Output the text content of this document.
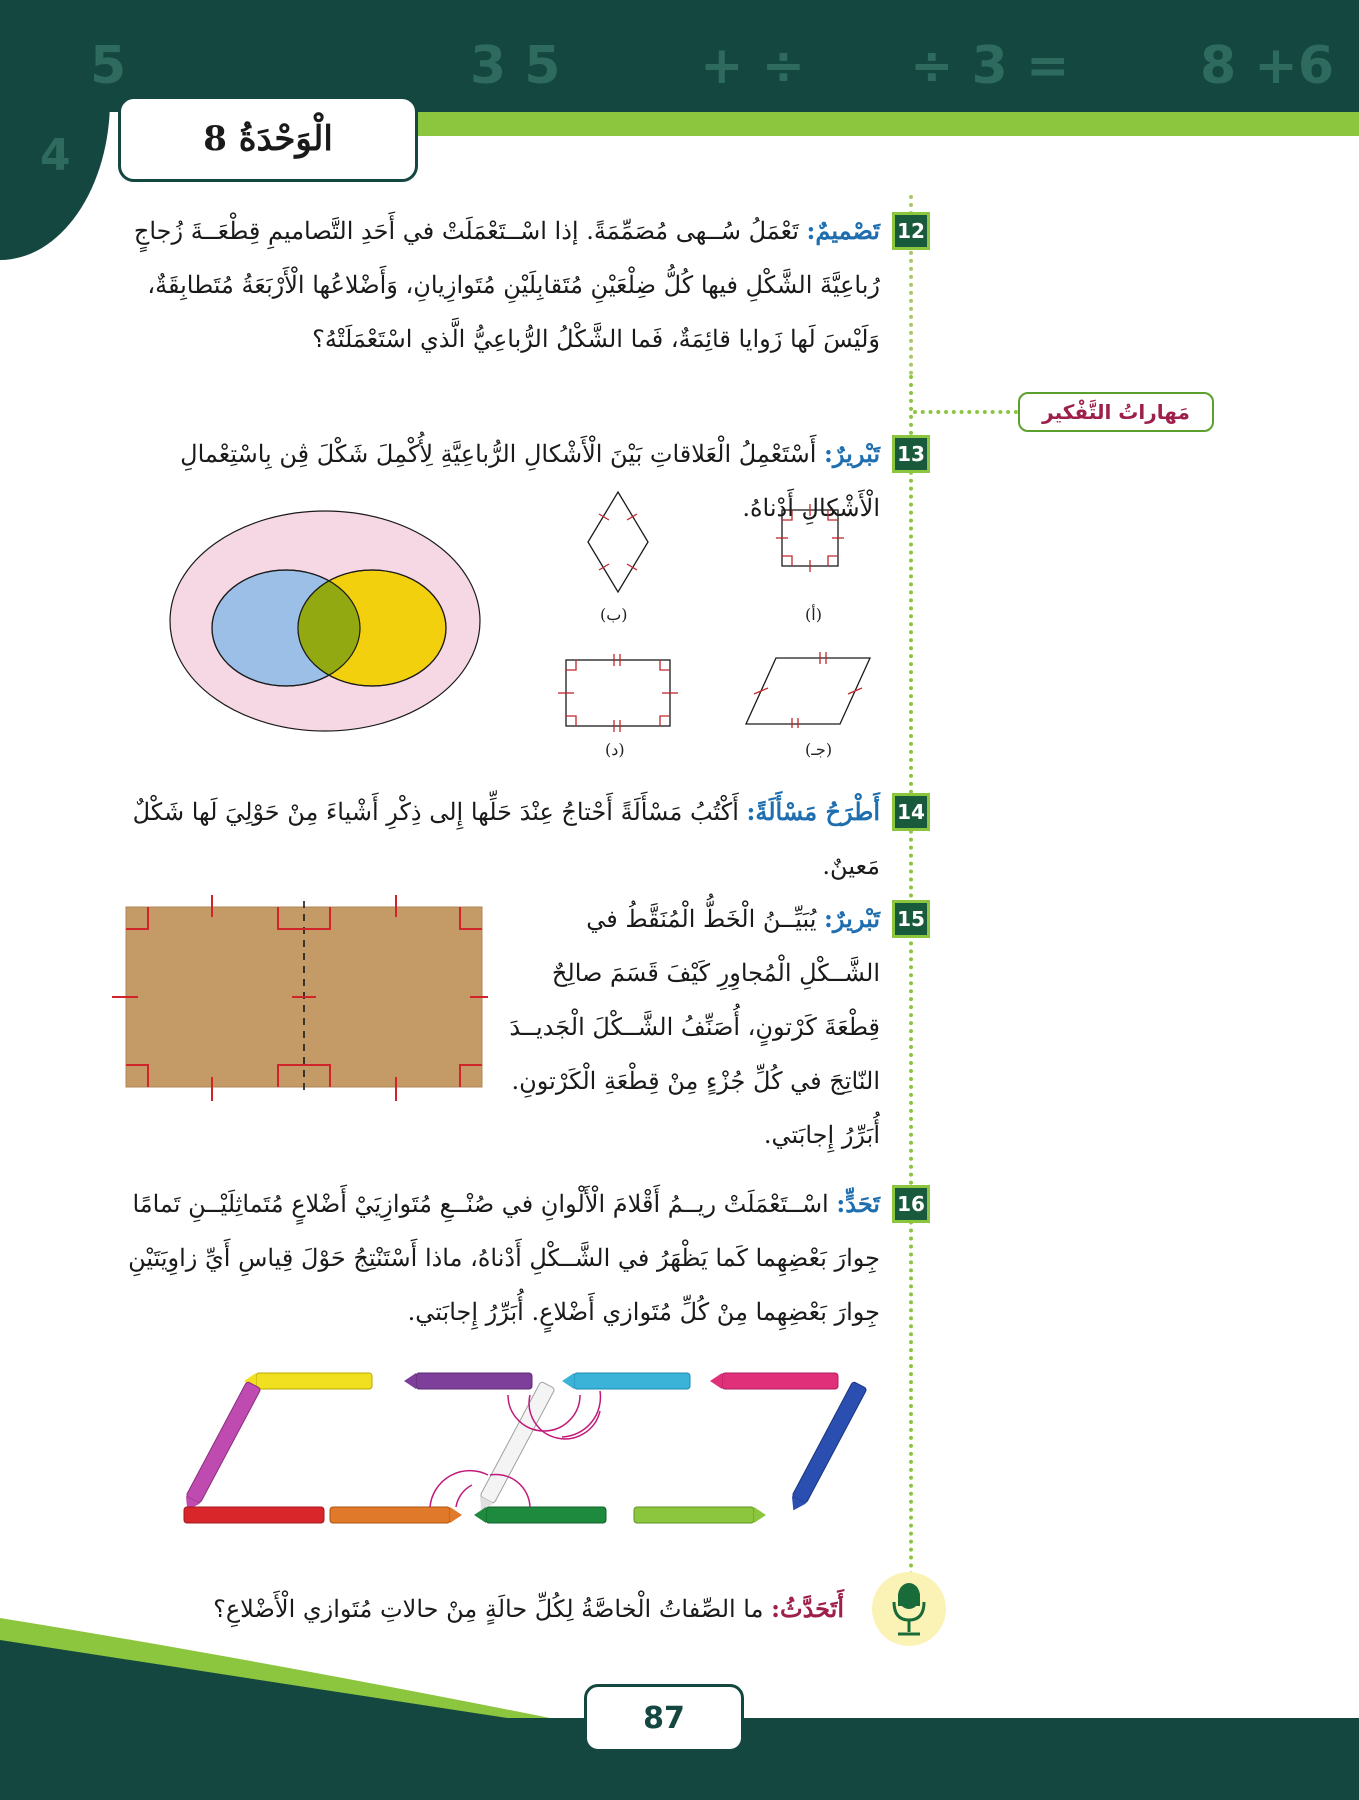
5	3 5	+ ÷ ÷ 3 =	8 +6
4	الْوَحْدَةُ 8
مَهاراتُ التَّفْكير
12
تَصْميمٌ: تَعْمَلُ سُــهى مُصَمِّمَةً. إذا اسْــتَعْمَلَتْ في أَحَدِ التَّصاميمِ قِطْعَــةَ زُجاجٍ رُباعِيَّةَ الشَّكْلِ فيها كُلُّ ضِلْعَيْنِ مُتَقابِلَيْنِ مُتَوازِيانِ، وَأَضْلاعُها الْأَرْبَعَةُ مُتَطابِقَةٌ، وَلَيْسَ لَها زَوايا قائِمَةٌ، فَما الشَّكْلُ الرُّباعِيُّ الَّذي اسْتَعْمَلَتْهُ؟
13
تَبْريرٌ: أَسْتَعْمِلُ الْعَلاقاتِ بَيْنَ الْأَشْكالِ الرُّباعِيَّةِ لِأُكْمِلَ شَكْلَ ڤِن بِاسْتِعْمالِ الْأَشْكالِ أَدْناهُ.
(أ)
(ب)
(جـ)
(د)
14
أَطْرَحُ مَسْأَلَةً: أَكْتُبُ مَسْأَلَةً أَحْتاجُ عِنْدَ حَلِّها إِلى ذِكْرِ أَشْياءَ مِنْ حَوْلِيَ لَها شَكْلٌ مَعينٌ.
15
تَبْريرٌ: يُبَيِّــنُ الْخَطُّ الْمُنَقَّطُ في الشَّــكْلِ الْمُجاوِرِ كَيْفَ قَسَمَ صالِحٌ قِطْعَةَ كَرْتونٍ، أُصَنِّفُ الشَّــكْلَ الْجَديــدَ النّاتِجَ في كُلِّ جُزْءٍ مِنْ قِطْعَةِ الْكَرْتونِ. أُبَرِّرُ إِجابَتي.
16
تَحَدٍّ: اسْــتَعْمَلَتْ ريــمُ أَقْلامَ الْأَلْوانِ في صُنْــعِ مُتَوازِيَيْ أَضْلاعٍ مُتَماثِلَيْــنِ تَمامًا جِوارَ بَعْضِهِما كَما يَظْهَرُ في الشَّــكْلِ أَدْناهُ، ماذا أَسْتَنْتِجُ حَوْلَ قِياسِ أَيِّ زاوِيَتَيْنِ جِوارَ بَعْضِهِما مِنْ كُلِّ مُتَوازي أَضْلاعٍ. أُبَرِّرُ إِجابَتي.
أَتَحَدَّثُ: ما الصِّفاتُ الْخاصَّةُ لِكُلِّ حالَةٍ مِنْ حالاتِ مُتَوازي الْأَضْلاعِ؟
87
